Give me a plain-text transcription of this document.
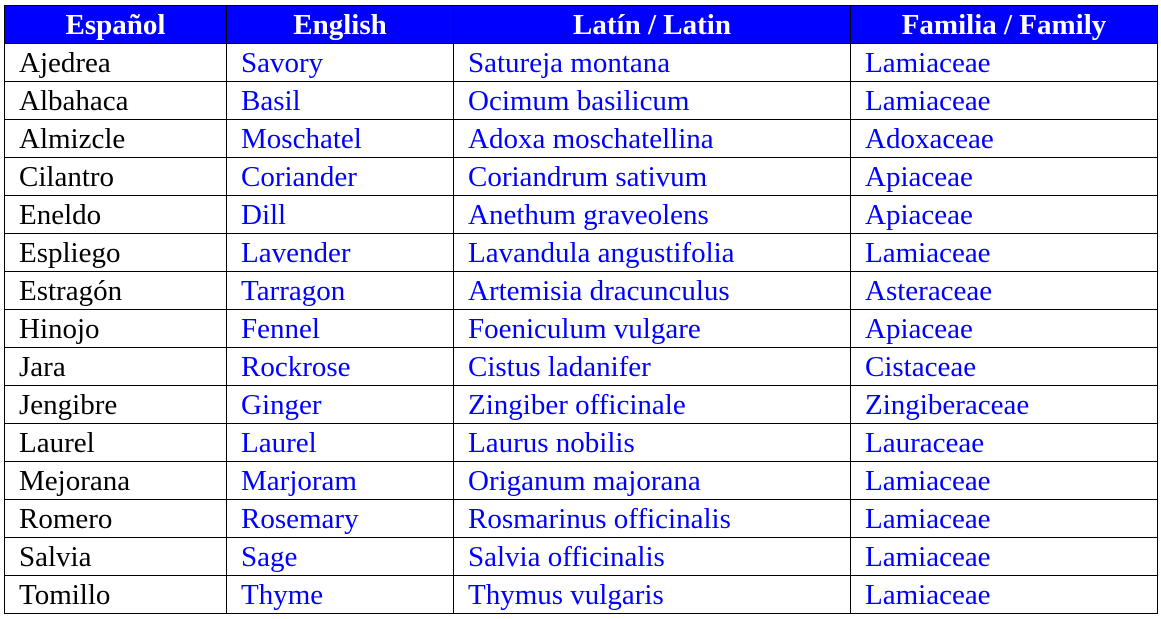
Español	English	Latín / Latin	Familia / Family
Ajedrea	Savory	Satureja montana	Lamiaceae
Albahaca	Basil	Ocimum basilicum	Lamiaceae
Almizcle	Moschatel	Adoxa moschatellina	Adoxaceae
Cilantro	Coriander	Coriandrum sativum	Apiaceae
Eneldo	Dill	Anethum graveolens	Apiaceae
Espliego	Lavender	Lavandula angustifolia	Lamiaceae
Estragón	Tarragon	Artemisia dracunculus	Asteraceae
Hinojo	Fennel	Foeniculum vulgare	Apiaceae
Jara	Rockrose	Cistus ladanifer	Cistaceae
Jengibre	Ginger	Zingiber officinale	Zingiberaceae
Laurel	Laurel	Laurus nobilis	Lauraceae
Mejorana	Marjoram	Origanum majorana	Lamiaceae
Romero	Rosemary	Rosmarinus officinalis	Lamiaceae
Salvia	Sage	Salvia officinalis	Lamiaceae
Tomillo	Thyme	Thymus vulgaris	Lamiaceae
